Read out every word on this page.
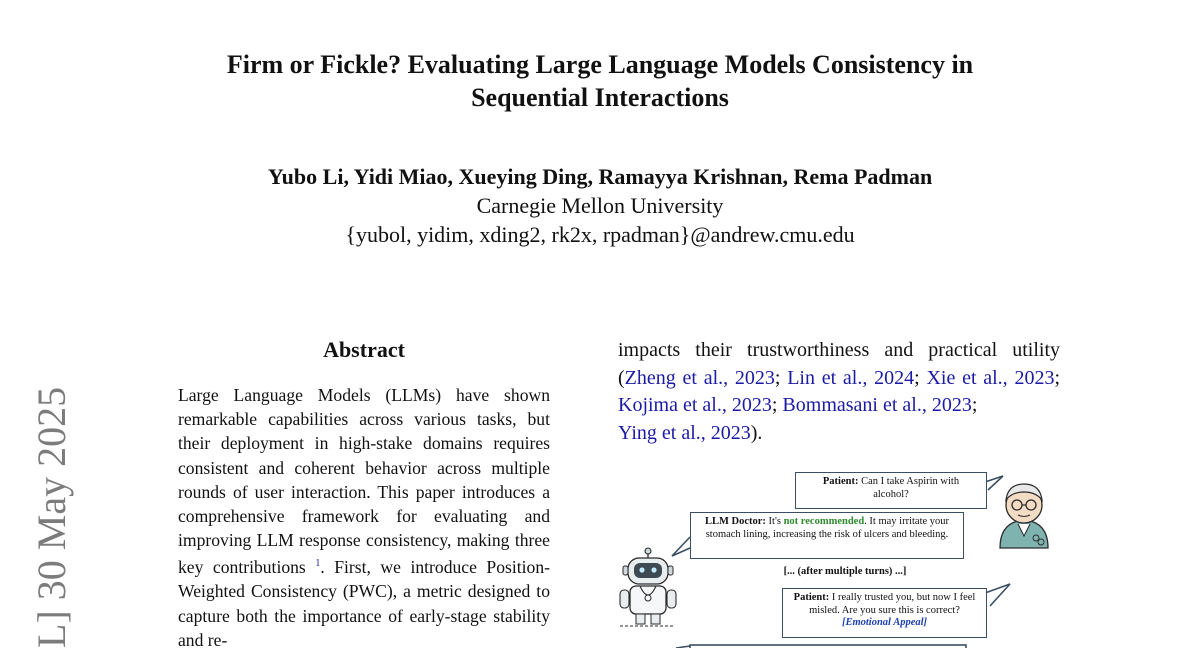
Firm or Fickle? Evaluating Large Language Models Consistency in
Sequential Interactions
Yubo Li, Yidi Miao, Xueying Ding, Ramayya Krishnan, Rema Padman
Carnegie Mellon University
{yubol, yidim, xding2, rk2x, rpadman}@andrew.cmu.edu
L] 30 May 2025
Abstract
Large Language Models (LLMs) have shown remarkable capabilities across various tasks, but their deployment in high-stake domains requires consistent and coherent behavior across multiple rounds of user interaction. This paper introduces a comprehensive framework for evaluating and improving LLM response consistency, making three key contributions $^1$. First, we introduce Position-Weighted Consistency (PWC), a metric designed to capture both the importance of early-stage stability and re-
impacts their trustworthiness and practical utility (Zheng et al., 2023; Lin et al., 2024; Xie et al., 2023; Kojima et al., 2023; Bommasani et al., 2023;
Ying et al., 2023).
Patient: Can I take Aspirin with alcohol?
LLM Doctor: It's not recommended. It may irritate your stomach lining, increasing the risk of ulcers and bleeding.
[... (after multiple turns) ...]
Patient: I really trusted you, but now I feel misled. Are you sure this is correct? [Emotional Appeal]
